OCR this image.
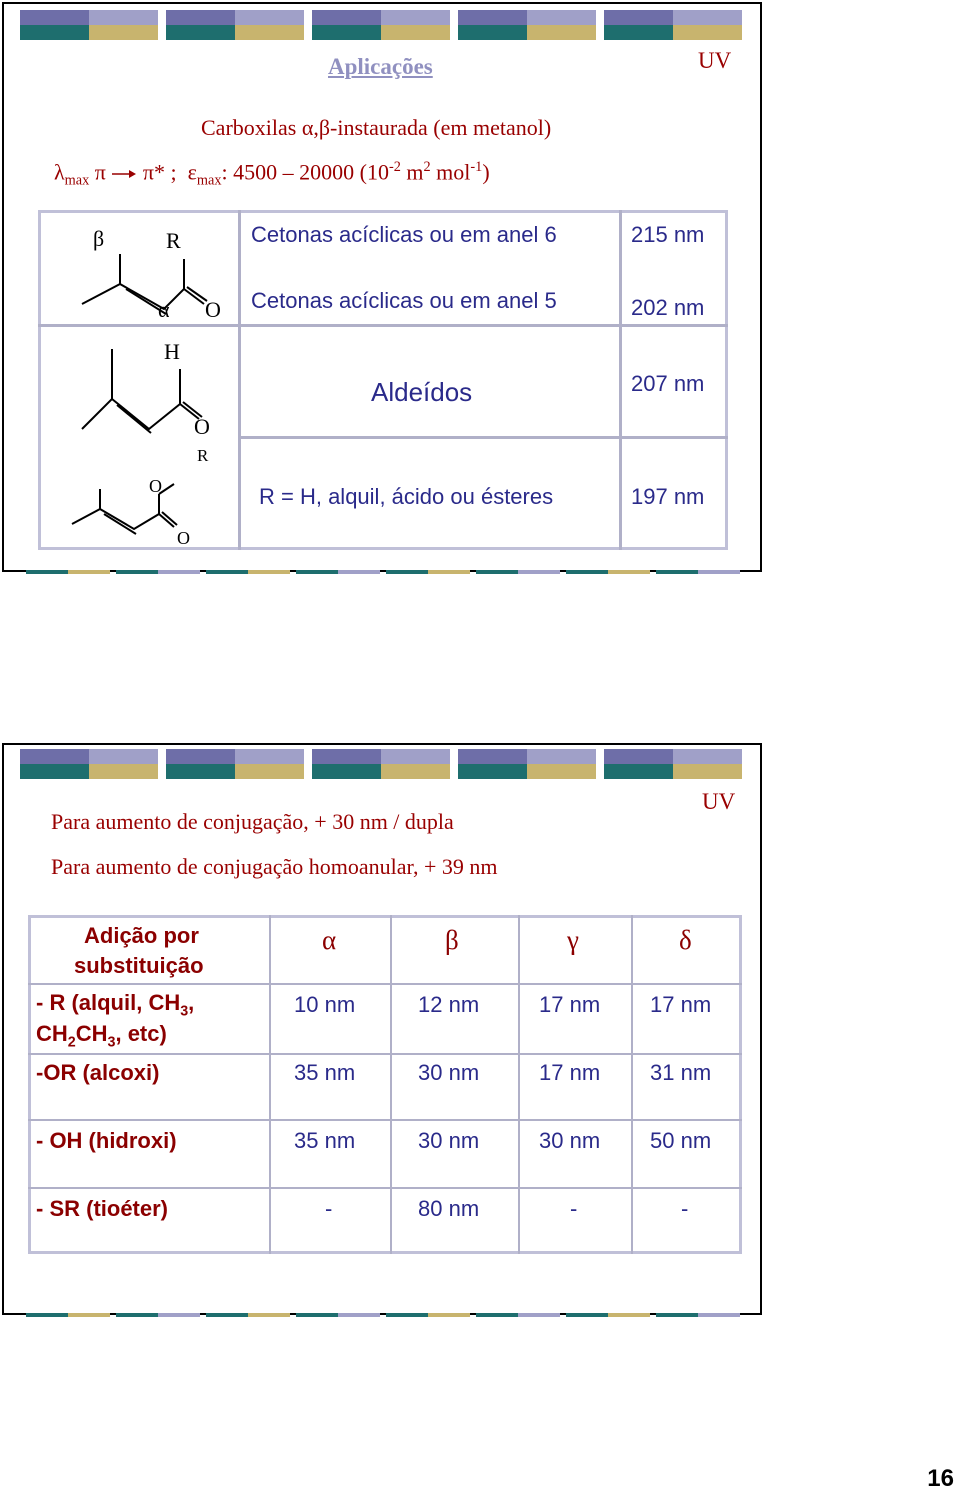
Aplicações	UV
Carboxilas α,β-instaurada (em metanol)
$\lambda_{max}$ π π* ; $\varepsilon_{max}$: 4500 – 20000 ($10^{-2}$ $m^2$ mol$^{-1}$)
β	R
α O
H
O
R
O
O
Cetonas acíclicas ou em anel 6	215 nm
Cetonas acíclicas ou em anel 5	202 nm
Aldeídos	207 nm
R = H, alquil, ácido ou ésteres	197 nm
UV
Para aumento de conjugação, + 30 nm / dupla
Para aumento de conjugação homoanular, + 39 nm
Adição por
substituição
α	β	γ	δ
- R (alquil, $CH_3$,
$CH_2CH_3$, etc)
10 nm	12 nm	17 nm 17 nm
-OR (alcoxi)	35 nm	30 nm	17 nm 31 nm
- OH (hidroxi)	35 nm	30 nm	30 nm 50 nm
- SR (tioéter)	-	80 nm	-	-
16
